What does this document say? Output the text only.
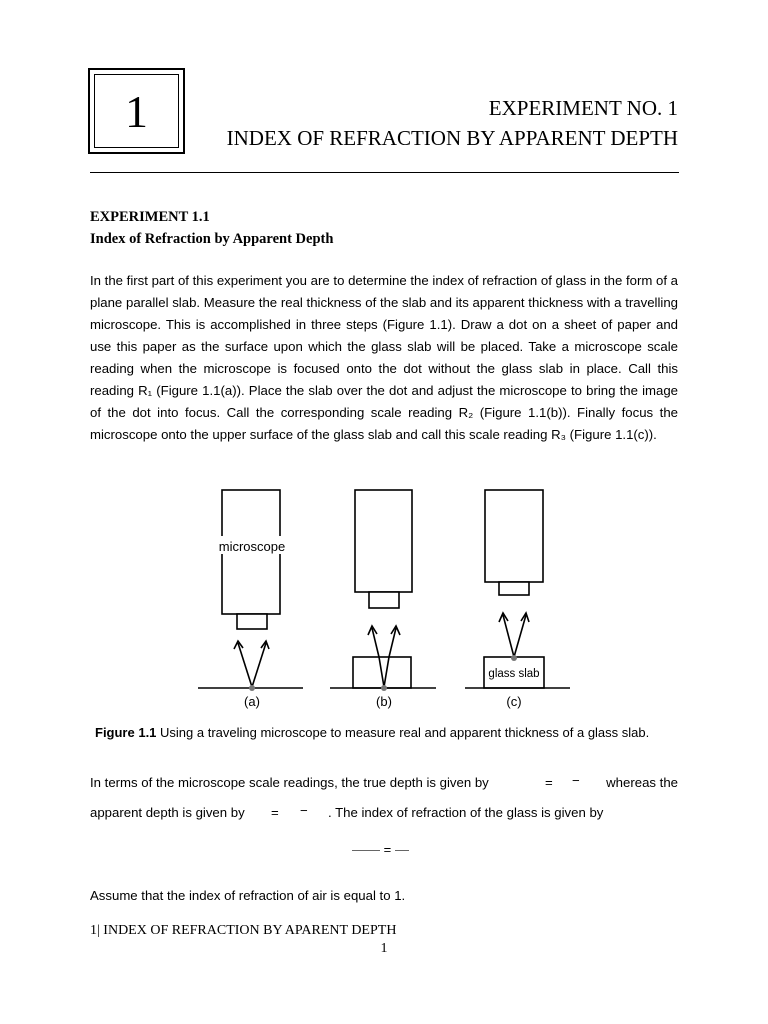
1	EXPERIMENT NO. 1
INDEX OF REFRACTION BY APPARENT DEPTH
EXPERIMENT 1.1
Index of Refraction by Apparent Depth
In the first part of this experiment you are to determine the index of refraction of glass in the form of a plane parallel slab. Measure the real thickness of the slab and its apparent thickness with a travelling microscope. This is accomplished in three steps (Figure 1.1). Draw a dot on a sheet of paper and use this paper as the surface upon which the glass slab will be placed. Take a microscope scale reading when the microscope is focused onto the dot without the glass slab in place. Call this reading R₁ (Figure 1.1(a)). Place the slab over the dot and adjust the microscope to bring the image of the dot into focus. Call the corresponding scale reading R₂ (Figure 1.1(b)). Finally focus the microscope onto the upper surface of the glass slab and call this scale reading R₃ (Figure 1.1(c)).
microscope
glass slab
(a)	(b)	(c)
Figure 1.1 Using a traveling microscope to measure real and apparent thickness of a glass slab.
In terms of the microscope scale readings, the true depth is given by	= − whereas the
apparent depth is given by = − . The index of refraction of the glass is given by
=
Assume that the index of refraction of air is equal to 1.
1| INDEX OF REFRACTION BY APARENT DEPTH
1
